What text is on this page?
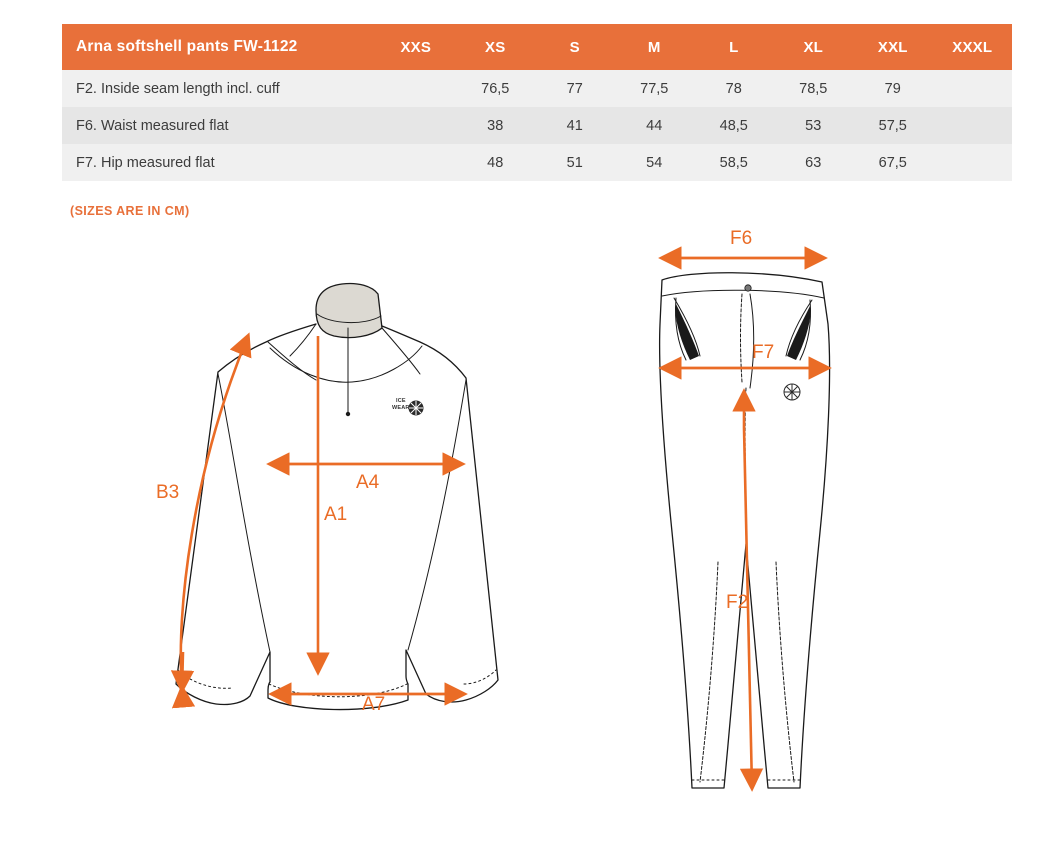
Arna softshell pants FW-1122	XXS	XS	S	M	L	XL	XXL	XXXL
F2. Inside seam length incl. cuff		76,5	77	77,5	78	78,5	79	
F6. Waist measured flat		38	41	44	48,5	53	57,5	
F7. Hip measured flat		48	51	54	58,5	63	67,5	
(SIZES ARE IN CM)
B3	A4
A1
A7
ICE
WEAR
F6
F7
F2
